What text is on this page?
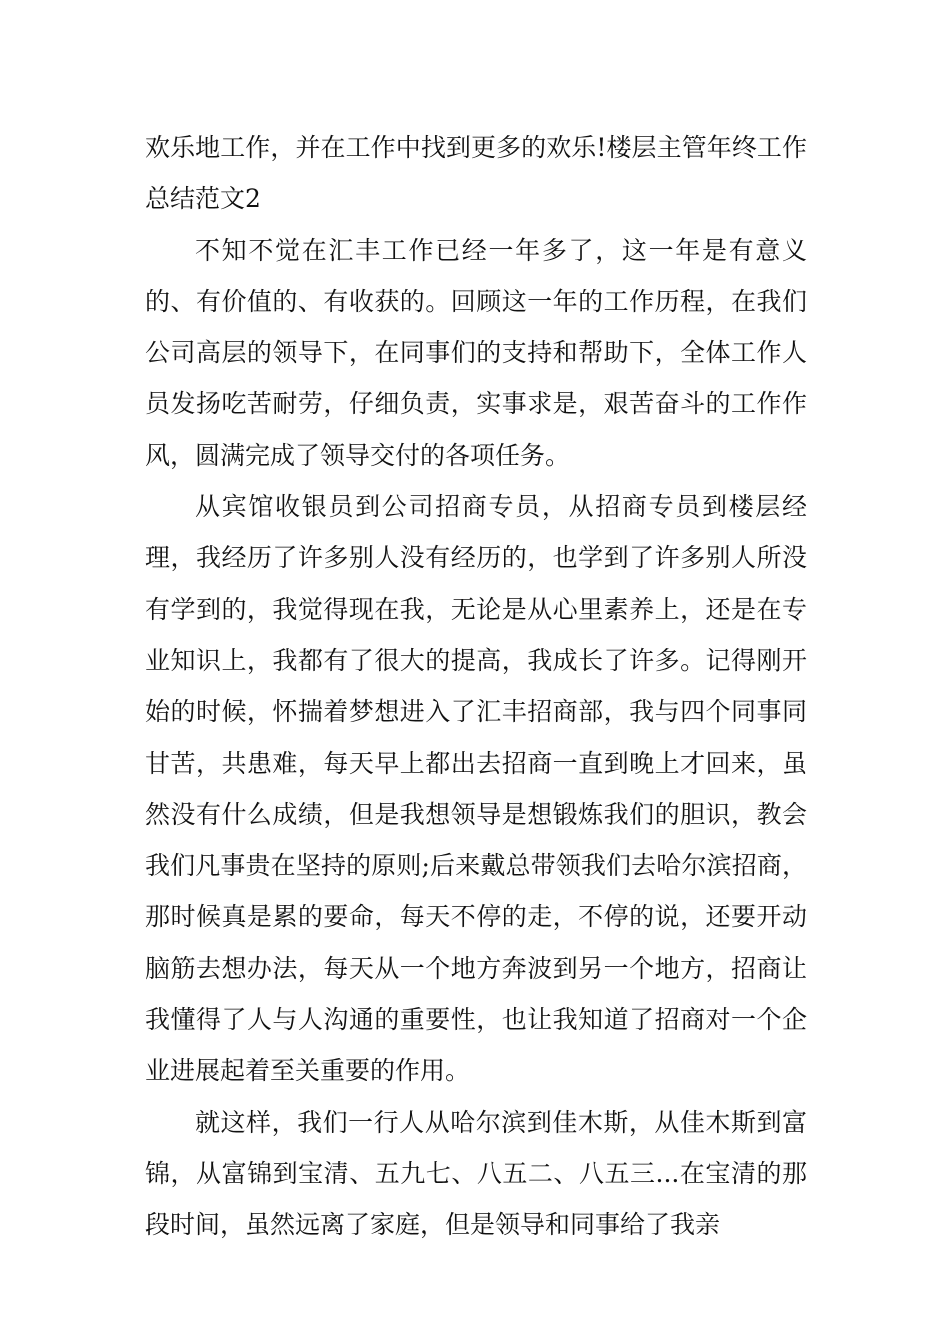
欢乐地工作，并在工作中找到更多的欢乐!楼层主管年终工作总结范文2

不知不觉在汇丰工作已经一年多了，这一年是有意义的、有价值的、有收获的。回顾这一年的工作历程，在我们公司高层的领导下，在同事们的支持和帮助下，全体工作人员发扬吃苦耐劳，仔细负责，实事求是，艰苦奋斗的工作作风，圆满完成了领导交付的各项任务。

从宾馆收银员到公司招商专员，从招商专员到楼层经理，我经历了许多别人没有经历的，也学到了许多别人所没有学到的，我觉得现在我，无论是从心里素养上，还是在专业知识上，我都有了很大的提高，我成长了许多。记得刚开始的时候，怀揣着梦想进入了汇丰招商部，我与四个同事同甘苦，共患难，每天早上都出去招商一直到晚上才回来，虽然没有什么成绩，但是我想领导是想锻炼我们的胆识，教会我们凡事贵在坚持的原则;后来戴总带领我们去哈尔滨招商，那时候真是累的要命，每天不停的走，不停的说，还要开动脑筋去想办法，每天从一个地方奔波到另一个地方，招商让我懂得了人与人沟通的重要性，也让我知道了招商对一个企业进展起着至关重要的作用。

就这样，我们一行人从哈尔滨到佳木斯，从佳木斯到富锦，从富锦到宝清、五九七、八五二、八五三...在宝清的那段时间，虽然远离了家庭，但是领导和同事给了我亲
